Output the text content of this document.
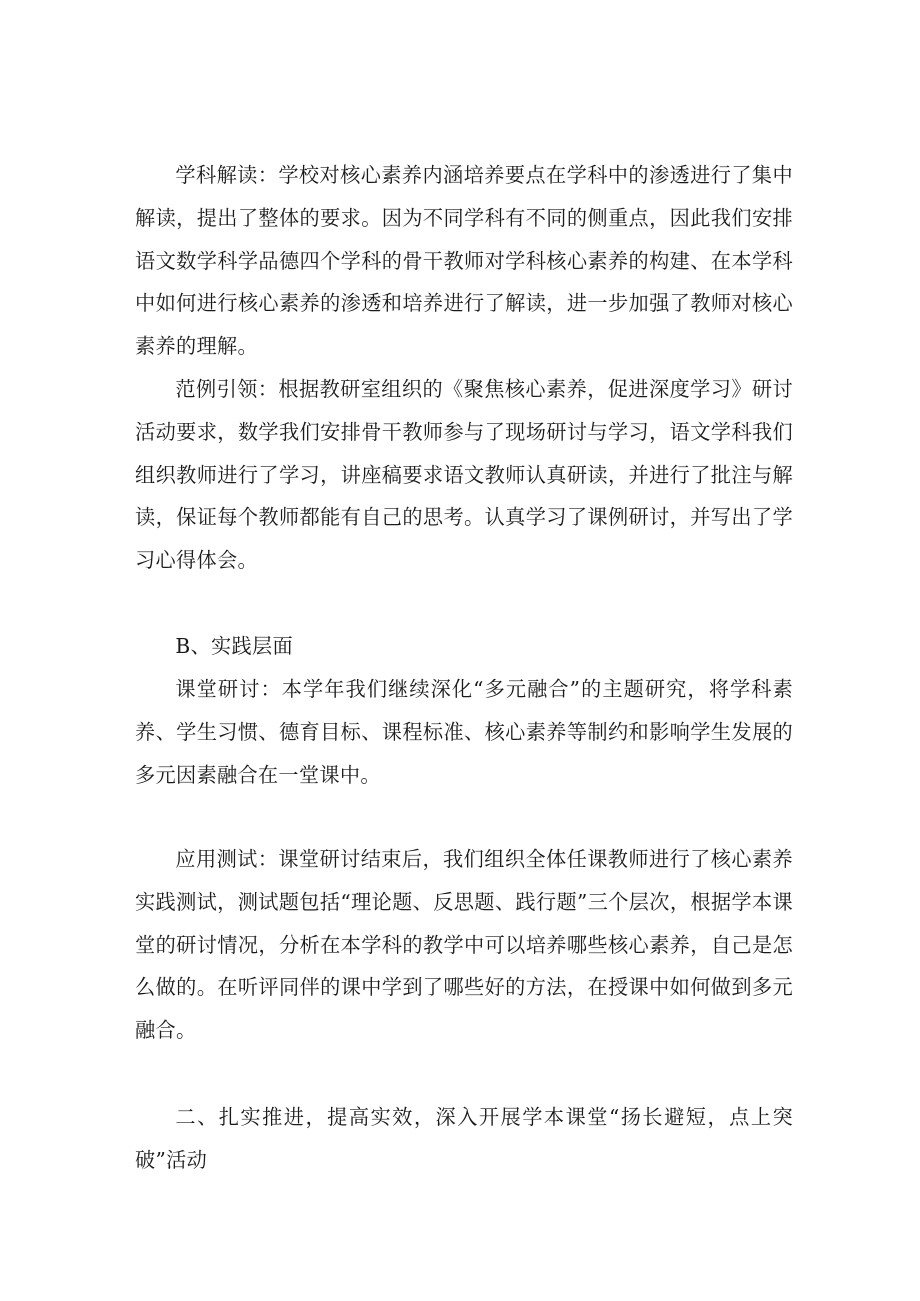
学科解读：学校对核心素养内涵培养要点在学科中的渗透进行了集中解读，提出了整体的要求。因为不同学科有不同的侧重点，因此我们安排语文数学科学品德四个学科的骨干教师对学科核心素养的构建、在本学科中如何进行核心素养的渗透和培养进行了解读，进一步加强了教师对核心素养的理解。

范例引领：根据教研室组织的《聚焦核心素养，促进深度学习》研讨活动要求，数学我们安排骨干教师参与了现场研讨与学习，语文学科我们组织教师进行了学习，讲座稿要求语文教师认真研读，并进行了批注与解读，保证每个教师都能有自己的思考。认真学习了课例研讨，并写出了学习心得体会。

B、实践层面

课堂研讨：本学年我们继续深化“多元融合”的主题研究，将学科素养、学生习惯、德育目标、课程标准、核心素养等制约和影响学生发展的多元因素融合在一堂课中。

应用测试：课堂研讨结束后，我们组织全体任课教师进行了核心素养实践测试，测试题包括“理论题、反思题、践行题”三个层次，根据学本课堂的研讨情况，分析在本学科的教学中可以培养哪些核心素养，自己是怎么做的。在听评同伴的课中学到了哪些好的方法，在授课中如何做到多元融合。

二、扎实推进，提高实效，深入开展学本课堂“扬长避短，点上突破”活动
